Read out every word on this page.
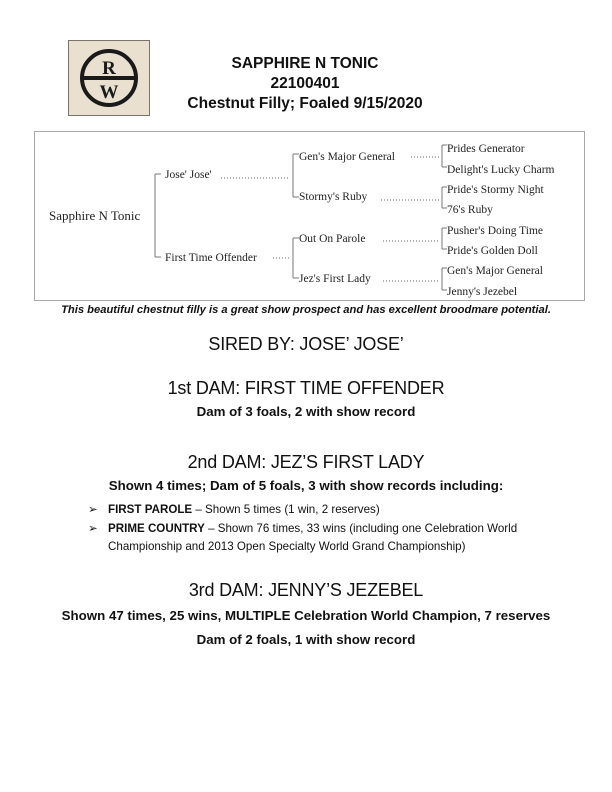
R
W
SAPPHIRE N TONIC
22100401
Chestnut Filly; Foaled 9/15/2020
Sapphire N Tonic
Jose' Jose'
First Time Offender
Gen's Major General
Stormy's Ruby
Out On Parole
Jez's First Lady
Prides Generator
Delight's Lucky Charm
Pride's Stormy Night
76's Ruby
Pusher's Doing Time
Pride's Golden Doll
Gen's Major General
Jenny's Jezebel
This beautiful chestnut filly is a great show prospect and has excellent broodmare potential.
SIRED BY: JOSE’ JOSE’
1st DAM: FIRST TIME OFFENDER
Dam of 3 foals, 2 with show record
2nd DAM: JEZ’S FIRST LADY
Shown 4 times; Dam of 5 foals, 3 with show records including:
➢ FIRST PAROLE – Shown 5 times (1 win, 2 reserves)
➢ PRIME COUNTRY – Shown 76 times, 33 wins (including one Celebration World Championship and 2013 Open Specialty World Grand Championship)
3rd DAM: JENNY’S JEZEBEL
Shown 47 times, 25 wins, MULTIPLE Celebration World Champion, 7 reserves
Dam of 2 foals, 1 with show record
